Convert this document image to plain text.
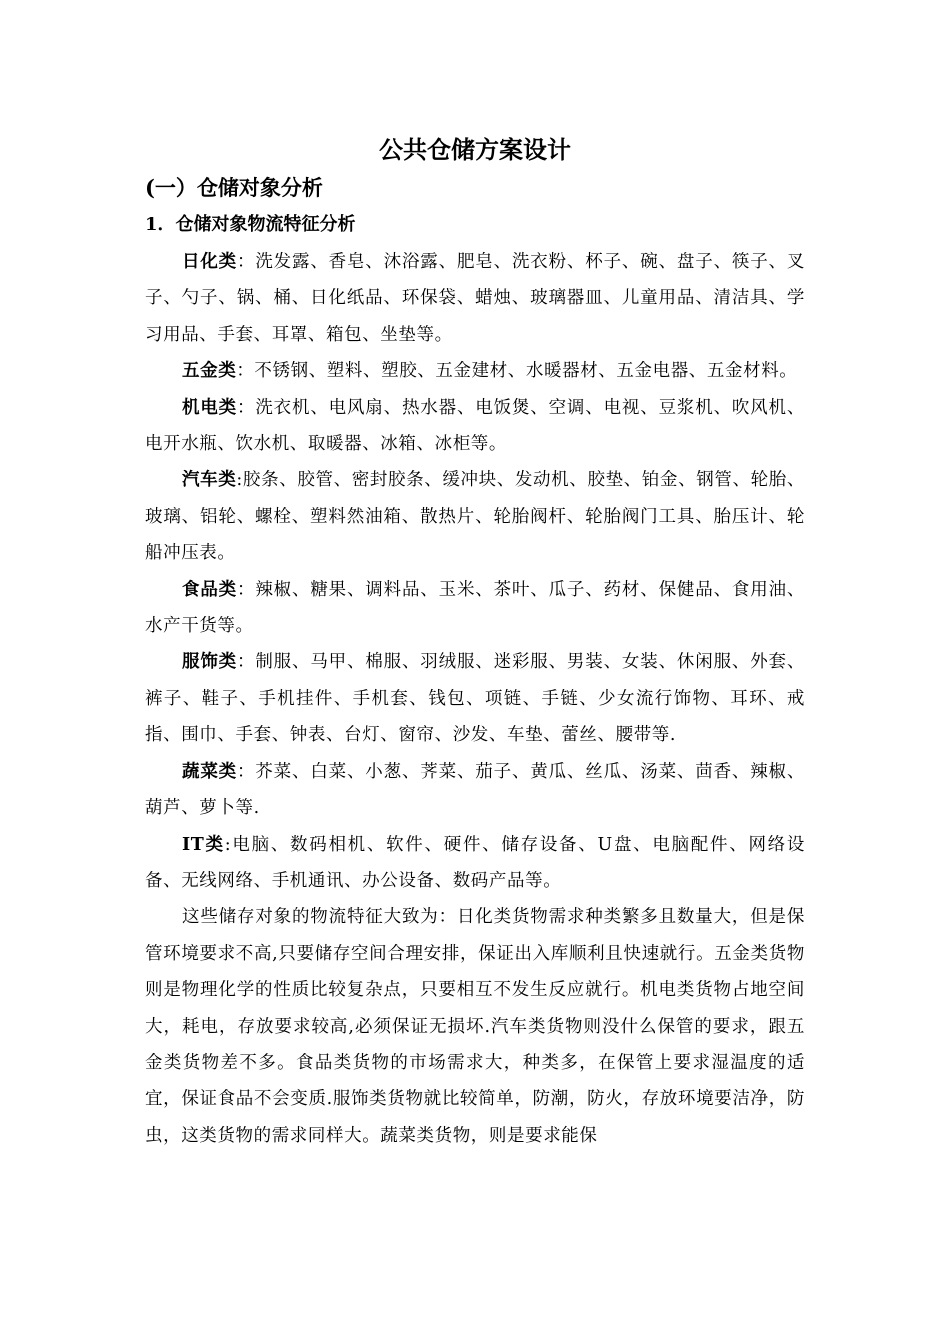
公共仓储方案设计
(一）仓储对象分析
1．仓储对象物流特征分析

日化类：洗发露、香皂、沐浴露、肥皂、洗衣粉、杯子、碗、盘子、筷子、叉子、勺子、锅、桶、日化纸品、环保袋、蜡烛、玻璃器皿、儿童用品、清洁具、学习用品、手套、耳罩、箱包、坐垫等。

五金类：不锈钢、塑料、塑胶、五金建材、水暖器材、五金电器、五金材料。

机电类：洗衣机、电风扇、热水器、电饭煲、空调、电视、豆浆机、吹风机、电开水瓶、饮水机、取暖器、冰箱、冰柜等。

汽车类:胶条、胶管、密封胶条、缓冲块、发动机、胶垫、铂金、钢管、轮胎、玻璃、铝轮、螺栓、塑料然油箱、散热片、轮胎阀杆、轮胎阀门工具、胎压计、轮船冲压表。

食品类：辣椒、糖果、调料品、玉米、茶叶、瓜子、药材、保健品、食用油、水产干货等。

服饰类：制服、马甲、棉服、羽绒服、迷彩服、男装、女装、休闲服、外套、裤子、鞋子、手机挂件、手机套、钱包、项链、手链、少女流行饰物、耳环、戒指、围巾、手套、钟表、台灯、窗帘、沙发、车垫、蕾丝、腰带等.

蔬菜类：芥菜、白菜、小葱、荠菜、茄子、黄瓜、丝瓜、汤菜、茴香、辣椒、葫芦、萝卜等.

IT类:电脑、数码相机、软件、硬件、储存设备、U盘、电脑配件、网络设备、无线网络、手机通讯、办公设备、数码产品等。

这些储存对象的物流特征大致为：日化类货物需求种类繁多且数量大，但是保管环境要求不高,只要储存空间合理安排，保证出入库顺利且快速就行。五金类货物则是物理化学的性质比较复杂点，只要相互不发生反应就行。机电类货物占地空间大，耗电，存放要求较高,必须保证无损坏.汽车类货物则没什么保管的要求，跟五金类货物差不多。食品类货物的市场需求大，种类多，在保管上要求湿温度的适宜，保证食品不会变质.服饰类货物就比较简单，防潮，防火，存放环境要洁净，防虫，这类货物的需求同样大。蔬菜类货物，则是要求能保
